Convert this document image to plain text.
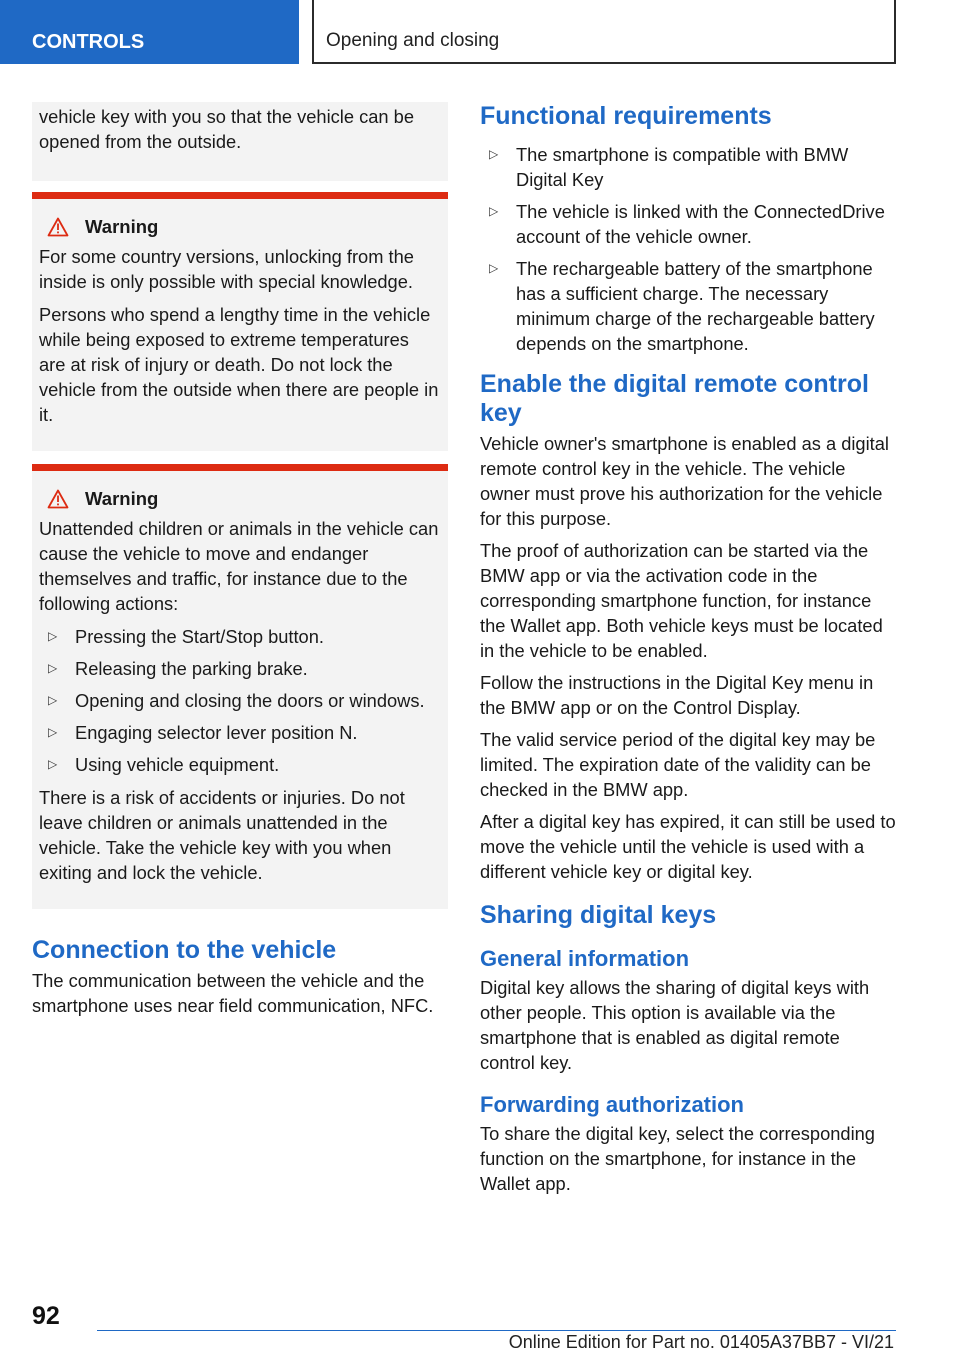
CONTROLS	Opening and closing

vehicle key with you so that the vehicle can be opened from the outside.

Warning

For some country versions, unlocking from the inside is only possible with special knowledge.

Persons who spend a lengthy time in the vehicle while being exposed to extreme temperatures are at risk of injury or death. Do not lock the vehicle from the outside when there are people in it.

Warning

Unattended children or animals in the vehicle can cause the vehicle to move and endanger themselves and traffic, for instance due to the following actions:

▷ Pressing the Start/Stop button.
▷ Releasing the parking brake.
▷ Opening and closing the doors or windows.
▷ Engaging selector lever position N.
▷ Using vehicle equipment.

There is a risk of accidents or injuries. Do not leave children or animals unattended in the vehicle. Take the vehicle key with you when exiting and lock the vehicle.

Connection to the vehicle

The communication between the vehicle and the smartphone uses near field communication, NFC.

Functional requirements
▷ The smartphone is compatible with BMW Digital Key
▷ The vehicle is linked with the ConnectedDrive account of the vehicle owner.
▷ The rechargeable battery of the smartphone has a sufficient charge. The necessary minimum charge of the rechargeable battery depends on the smartphone.
Enable the digital remote control key

Vehicle owner's smartphone is enabled as a digital remote control key in the vehicle. The vehicle owner must prove his authorization for the vehicle for this purpose.

The proof of authorization can be started via the BMW app or via the activation code in the corresponding smartphone function, for instance the Wallet app. Both vehicle keys must be located in the vehicle to be enabled.

Follow the instructions in the Digital Key menu in the BMW app or on the Control Display.

The valid service period of the digital key may be limited. The expiration date of the validity can be checked in the BMW app.

After a digital key has expired, it can still be used to move the vehicle until the vehicle is used with a different vehicle key or digital key.

Sharing digital keys
General information

Digital key allows the sharing of digital keys with other people. This option is available via the smartphone that is enabled as digital remote control key.

Forwarding authorization

To share the digital key, select the corresponding function on the smartphone, for instance in the Wallet app.

92
Online Edition for Part no. 01405A37BB7 - VI/21
